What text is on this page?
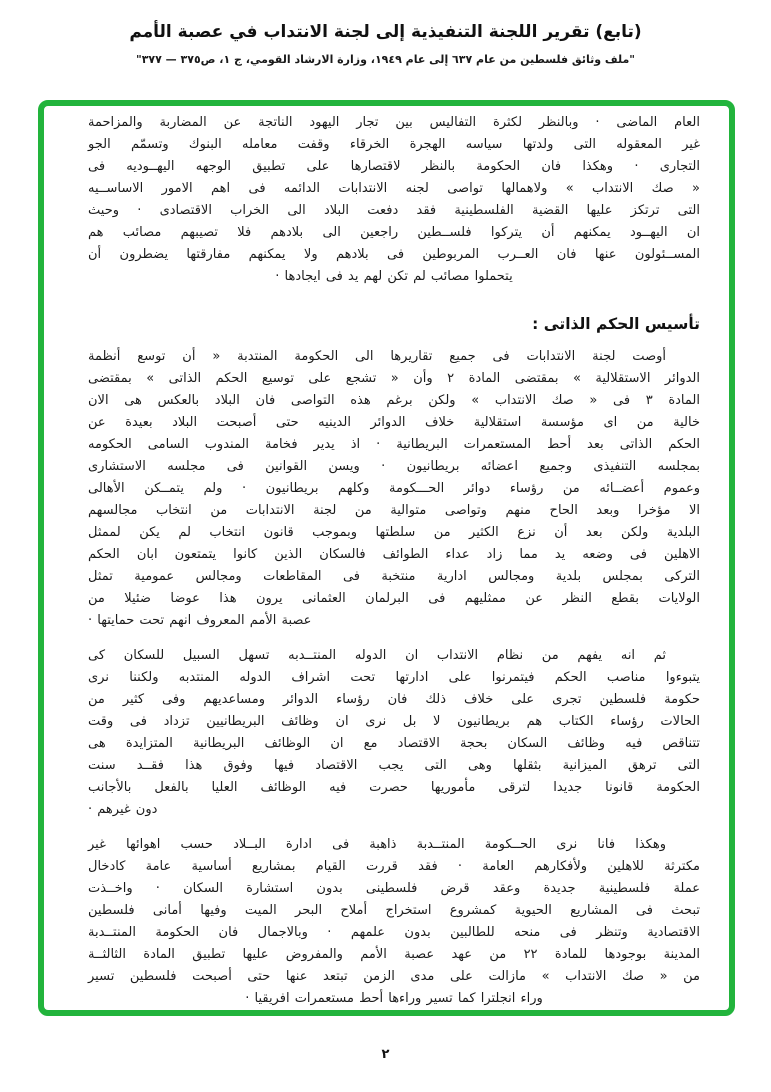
(تابع) تقرير اللجنة التنفيذية إلى لجنة الانتداب في عصبة الأمم
"ملف وثائق فلسطين من عام ٦٣٧ إلى عام ١٩٤٩، وزارة الارشاد القومي، ج ١، ص٣٧٥ — ٣٧٧"
العام الماضى · وبالنظر لكثرة التفاليس بين تجار اليهود الناتجة عن المضاربة والمزاحمة
غير المعقوله التى ولدتها سياسه الهجرة الخرقاء وقفت معامله البنوك وتسمّم الجو
التجارى · وهكذا فان الحكومة بالنظر لاقتصارها على تطبيق الوجهه اليهــوديه فى
« صك الانتداب » ولاهمالها تواصى لجنه الانتدابات الدائمه فى اهم الامور الاساســيه
التى ترتكز عليها القضية الفلسطينية فقد دفعت البلاد الى الخراب الاقتصادى · وحيث
ان اليهــود يمكنهم أن يتركوا فلســطين راجعين الى بلادهم فلا تصيبهم مصائب هم
المســئولون عنها فان العــرب المربوطين فى بلادهم ولا يمكنهم مفارقتها يضطرون أن
يتحملوا مصائب لم تكن لهم يد فى ايجادها ·
تأسيس الحكم الذاتى :
أوصت لجنة الانتدابات فى جميع تقاريرها الى الحكومة المنتدبة « أن توسع أنظمة
الدوائر الاستقلالية » بمقتضى المادة ٢ وأن « تشجع على توسيع الحكم الذاتى » بمقتضى
المادة ٣ فى « صك الانتداب » ولكن برغم هذه التواصى فان البلاد بالعكس هى الان
خالية من اى مؤسسة استقلالية خلاف الدوائر الدينيه حتى أصبحت البلاد بعيدة عن
الحكم الذاتى بعد أحط المستعمرات البريطانية · اذ يدير فخامة المندوب السامى الحكومه
بمجلسه التنفيذى وجميع اعضائه بريطانيون · ويسن القوانين فى مجلسه الاستشارى
وعموم أعضــائه من رؤساء دوائر الحـــكومة وكلهم بريطانيون · ولم يتمــكن الأهالى
الا مؤخرا وبعد الحاح منهم وتواصى متوالية من لجنة الانتدابات من انتخاب مجالسهم
البلدية ولكن بعد أن نزع الكثير من سلطتها وبموجب قانون انتخاب لم يكن لممثل
الاهلين فى وضعه يد مما زاد عداء الطوائف فالسكان الذين كانوا يتمتعون ابان الحكم
التركى بمجلس بلدية ومجالس ادارية منتخبة فى المقاطعات ومجالس عمومية تمثل
الولايات بقطع النظر عن ممثليهم فى البرلمان العثمانى يرون هذا عوضا ضئيلا من
عصبة الأمم المعروف انهم تحت حمايتها ·
ثم انه يفهم من نظام الانتداب ان الدوله المنتــدبه تسهل السبيل للسكان كى
يتبوءوا مناصب الحكم فيتمرنوا على ادارتها تحت اشراف الدوله المنتدبه ولكننا نرى
حكومة فلسطين تجرى على خلاف ذلك فان رؤساء الدوائر ومساعديهم وفى كثير من
الحالات رؤساء الكتاب هم بريطانيون لا بل نرى ان وظائف البريطانيين تزداد فى وقت
تتناقص فيه وظائف السكان بحجة الاقتصاد مع ان الوظائف البريطانية المتزايدة هى
التى ترهق الميزانية بثقلها وهى التى يجب الاقتصاد فيها وفوق هذا فقــد سنت
الحكومة قانونا جديدا لترقى مأموريها حصرت فيه الوظائف العليا بالفعل بالأجانب
دون غيرهم ·
وهكذا فانا نرى الحــكومة المنتــدبة ذاهبة فى ادارة البــلاد حسب اهوائها غير
مكترثة للاهلين ولأفكارهم العامة · فقد قررت القيام بمشاريع أساسية عامة كادخال
عملة فلسطينية جديدة وعقد قرض فلسطينى بدون استشارة السكان · واخــذت
تبحث فى المشاريع الحيوية كمشروع استخراج أملاح البحر الميت وفيها أمانى فلسطين
الاقتصادية وتنظر فى منحه للطالبين بدون علمهم · وبالاجمال فان الحكومة المنتــدبة
المدينة بوجودها للمادة ٢٢ من عهد عصبة الأمم والمفروض عليها تطبيق المادة الثالثــة
من « صك الانتداب » مازالت على مدى الزمن تبتعد عنها حتى أصبحت فلسطين تسير
وراء انجلترا كما تسير وراءها أحط مستعمرات افريقيا ·
٢
